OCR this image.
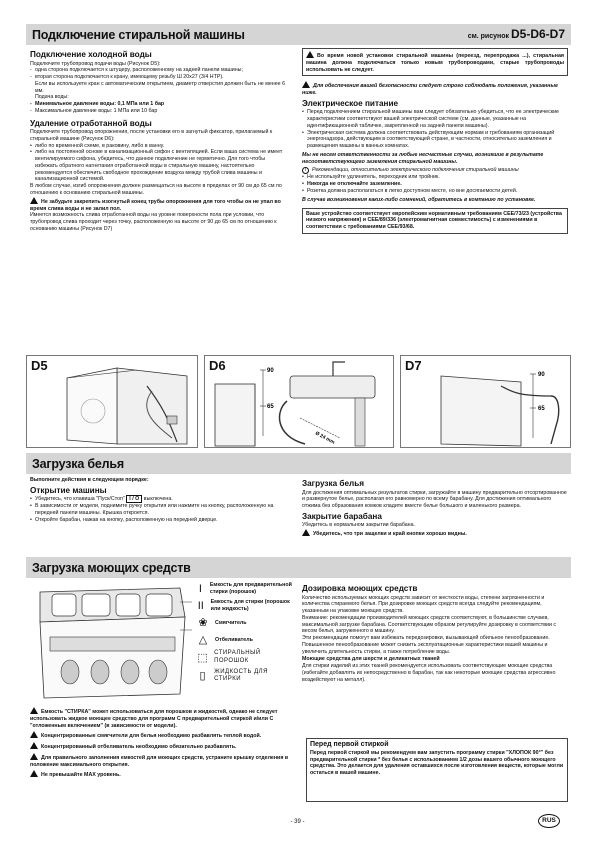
Подключение стиральной машины	см. рисунок D5-D6-D7
Подключение холодной воды

Подключите трубопровод подачи воды (Рисунок D5):

- одна сторона подключается к штуцеру, расположенному на задней панели машины;
- вторая сторона подключается к крану, имеющему резьбу Ш 20x27 (3/4 НТР).

Если вы используете кран с автоматическим открытием, диаметр отверстия должен быть не менее 6 мм.

Подача воды:

- Минимальное давление воды: 0,1 МПа или 1 бар
- Максимальное давление воды: 1 МПа или 10 бар
Удаление отработанной воды

Подключите трубопровод опорожнения, после установки его в загнутый фиксатор, прилагаемый к стиральной машине (Рисунок D6):

• либо по временной схеме, в раковину, либо в ванну.
• либо на постоянной основе в канализационный сифон с вентиляцией. Если ваша система не имеет вентилируемого сифона, убедитесь, что данное подключение не герметично. Для того чтобы избежать обратного нагнетания отработанной воды в стиральную машину, настоятельно рекомендуется обеспечить свободное прохождение воздуха между трубой слива машины и канализационной системой.

В любом случае, изгиб опорожнения должен размещаться на высоте в пределах от 90 см до 65 см по отношению к основанию стиральной машины.

Не забудьте закрепить изогнутый конец трубы опорожнения для того чтобы он не упал во время слива воды и не залил пол.

Имеется возможность слива отработанной воды на уровне поверхности пола при условии, что трубопровод слива проходит через точку, расположенную на высоте от 90 до 65 см по отношению к основанию машины (Рисунок D7)

Во время новой установки стиральной машины (переезд, перепродажа ...), стиральная машина должна подключаться только новым трубопроводами, старые трубопроводы использовать не следует.

Для обеспечения вашей безопасности следует строго соблюдать положения, указанные ниже.

Электрическое питание
• Перед подключением стиральной машины вам следует обязательно убедиться, что ее электрические характеристики соответствуют вашей электрической системе (см. данные, указанные на идентификационной табличке, закрепленной на задней панели машины).
• Электрическая система должна соответствовать действующим нормам и требованиям организаций энергонадзора, действующим в соответствующей стране, в частности, относительно заземления и размещения машины в ванных комнатах.

Мы не несем ответственности за любые несчастные случаи, возникшие в результате несоответствующего заземления стиральной машины.

i Рекомендации, относительно электрического подключения стиральной машины

• Не используйте удлинитель, переходник или тройник.
• Никогда не отключайте заземление.
• Розетка должна располагаться в легко доступном месте, но вне досягаемости детей.

В случае возникновения каких-либо сомнений, обратитесь в компанию по установке.

Ваше устройство соответствует европейским нормативным требованиям CEE/73/23 (устройства низкого напряжения) и CEE/89/336 (электромагнитная совместимость) с изменениями в соответствии с требованиями CEE/93/68.
D5	D6	90
65
Ø 24 mm
D7
90
65
Загрузка белья

Выполните действия в следующем порядке:

Открытие машины
• Убедитесь, что клавиша "Пуск/Стоп" I / O выключена.
• В зависимости от модели, поднимите ручку открытия или нажмите на кнопку, расположенную на передней панели машины. Крышка откроется.
• Откройте барабан, нажав на кнопку, расположенную на передней дверце.
Загрузка белья

Для достижения оптимальных результатов стирки, загружайте в машину предварительно отсортированное и развернутое белье, располагая его равномерно по всему барабану. Для достижения оптимального отжима без образования комков кладите вместе белье большого и маленького размера.

Закрытие барабана

Убедитесь в нормальном закрытии барабана.

Убедитесь, что три защелки и край кнопки хорошо видны.

Загрузка моющих средств
I	Емкость для предварительной стирки (порошок)
II	Емкость для стирки (порошок или жидкость)
❀	Смягчитель
△	Отбеливатель
⬚ СТИРАЛЬНЫЙ ПОРОШОК
▯	ЖИДКОСТЬ ДЛЯ СТИРКИ

Емкость "СТИРКА" может использоваться для порошков и жидкостей, однако не следует использовать жидкое моющее средство для программ С предварительной стиркой и/или С "отложенным включением" (в зависимости от модели).

Концентрированные смягчители для белья необходимо разбавлять теплой водой.

Концентрированный отбеливатель необходимо обязательно разбавлять.

Для правильного заполнения емкостей для моющих средств, устраните крышку отделения в положение максимального открытия.

Не превышайте MAX уровень.

Дозировка моющих средств

Количество используемых моющих средств зависит от жесткости воды, степени загрязненности и количества стираемого белья. При дозировке моющих средств всегда следуйте рекомендациям, указанным на упаковке моющих средств.

Внимание: рекомендации производителей моющих средств соответствуют, в большинстве случаев, максимальной загрузке барабана. Соответствующим образом регулируйте дозировку в соответствии с весом белья, загруженного в машину.

Эти рекомендации помогут вам избежать передозировки, вызывающей обильное пенообразование. Повышенное пенообразование может снизить эксплуатационные характеристики вашей машины и увеличить длительность стирки, а также потребление воды.

Моющие средства для шерсти и деликатных тканей

Для стирки изделий из этих тканей рекомендуется использовать соответствующие моющие средства (избегайте добавлять их непосредственно в барабан, так как некоторые моющие средства агрессивно воздействуют на металл).

Перед первой стиркой

Перед первой стиркой мы рекомендуем вам запустить программу стирки "ХЛОПОК 90°" без предварительной стирки * без белья с использованием 1/2 дозы вашего обычного моющего средства. Это делается для удаления оставшихся после изготовления веществ, которые могли остаться в вашей машине.

- 39 -	RUS
